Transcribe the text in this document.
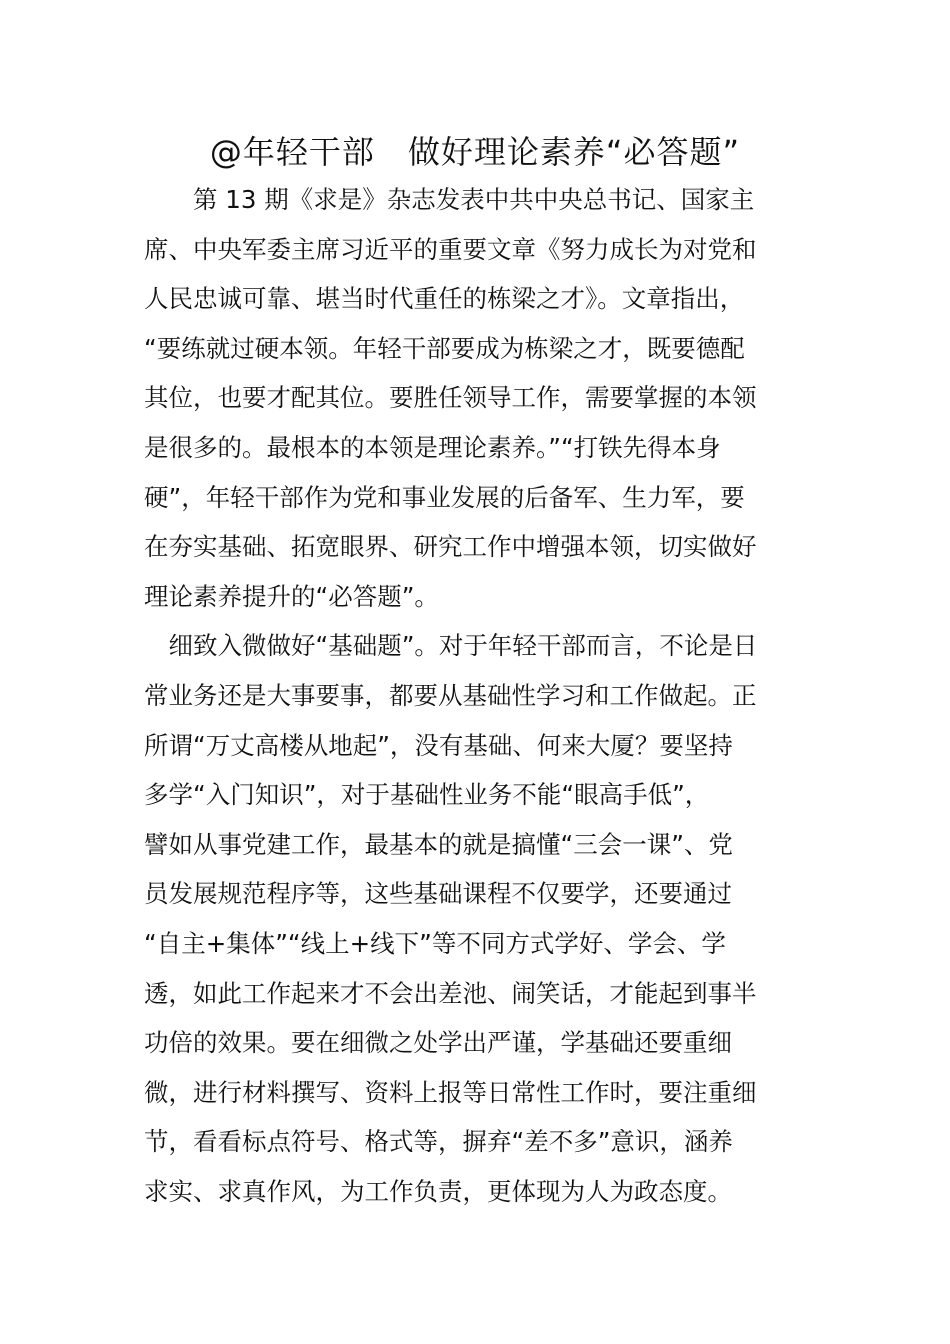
@年轻干部　做好理论素养“必答题”
　　第 13 期《求是》杂志发表中共中央总书记、国家主
席、中央军委主席习近平的重要文章《努力成长为对党和
人民忠诚可靠、堪当时代重任的栋梁之才》。文章指出，
“要练就过硬本领。年轻干部要成为栋梁之才，既要德配
其位，也要才配其位。要胜任领导工作，需要掌握的本领
是很多的。最根本的本领是理论素养。”“打铁先得本身
硬”，年轻干部作为党和事业发展的后备军、生力军，要
在夯实基础、拓宽眼界、研究工作中增强本领，切实做好
理论素养提升的“必答题”。
　细致入微做好“基础题”。对于年轻干部而言，不论是日
常业务还是大事要事，都要从基础性学习和工作做起。正
所谓“万丈高楼从地起”，没有基础、何来大厦？要坚持
多学“入门知识”，对于基础性业务不能“眼高手低”，
譬如从事党建工作，最基本的就是搞懂“三会一课”、党
员发展规范程序等，这些基础课程不仅要学，还要通过
“自主+集体”“线上+线下”等不同方式学好、学会、学
透，如此工作起来才不会出差池、闹笑话，才能起到事半
功倍的效果。要在细微之处学出严谨，学基础还要重细
微，进行材料撰写、资料上报等日常性工作时，要注重细
节，看看标点符号、格式等，摒弃“差不多”意识，涵养
求实、求真作风，为工作负责，更体现为人为政态度。
